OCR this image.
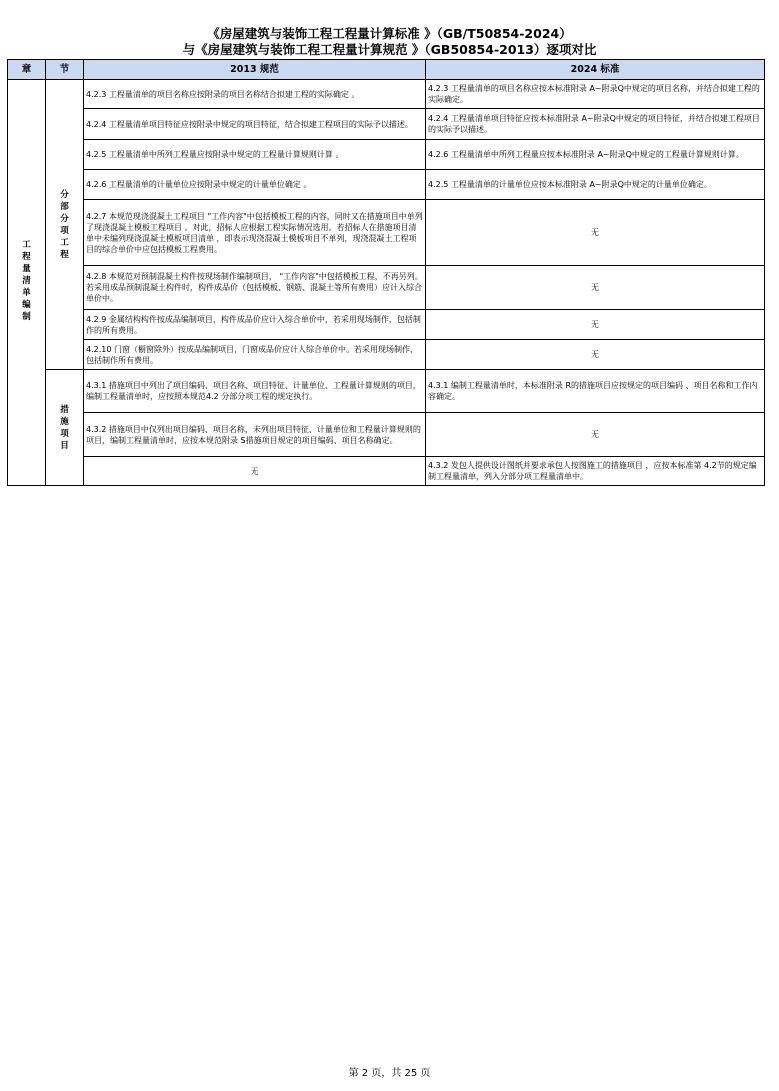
《房屋建筑与装饰工程工程量计算标准 》（GB/T50854-2024）
与《房屋建筑与装饰工程工程量计算规范 》（GB50854-2013）逐项对比
章	节	2013 规范	2024 标准

工程量清单编制	分部分项工程	4.2.3 工程量清单的项目名称应按附录的项目名称结合拟建工程的实际确定 。	4.2.3 工程量清单的项目名称应按本标准附录 A~附录Q中规定的项目名称，并结合拟建工程的实际确定。
		4.2.4 工程量清单项目特征应按附录中规定的项目特征，结合拟建工程项目的实际予以描述。	4.2.4 工程量清单项目特征应按本标准附录 A~附录Q中规定的项目特征，并结合拟建工程项目的实际予以描述。
		4.2.5 工程量清单中所列工程量应按附录中规定的工程量计算规则计算 。	4.2.6 工程量清单中所列工程量应按本标准附录 A~附录Q中规定的工程量计算规则计算。
		4.2.6 工程量清单的计量单位应按附录中规定的计量单位确定 。	4.2.5 工程量清单的计量单位应按本标准附录 A~附录Q中规定的计量单位确定。
		4.2.7 本规范现浇混凝土工程项目 "工作内容"中包括模板工程的内容，同时又在措施项目中单列了现浇混凝土模板工程项目 。对此，招标人应根据工程实际情况选用。若招标人在措施项目清单中未编列现浇混凝土模板项目清单 ，即表示现浇混凝土模板项目不单列，现浇混凝土工程项目的综合单价中应包括模板工程费用。	无
		4.2.8 本规范对预制混凝土构件按现场制作编制项目， "工作内容"中包括模板工程，不再另列。若采用成品预制混凝土构件时，构件成品价（包括模板、钢筋、混凝土等所有费用）应计入综合单价中。	无
		4.2.9 金属结构构件按成品编制项目，构件成品价应计入综合单价中，若采用现场制作，包括制作的所有费用。	无
		4.2.10 门窗（橱窗除外）按成品编制项目，门窗成品价应计人综合单价中。若采用现场制作，包括制作所有费用。	无

	措施项目	4.3.1 措施项目中列出了项目编码、项目名称、项目特征、计量单位、工程量计算规则的项目，编制工程量清单时，应按照本规范4.2 分部分项工程的规定执行。	4.3.1 编制工程量清单时，本标准附录 R的措施项目应按规定的项目编码 、项目名称和工作内容确定。
		4.3.2 措施项目中仅列出项目编码、项目名称，未列出项目特征、计量单位和工程量计算规则的项目，编制工程量清单时，应按本规范附录 S措施项目规定的项目编码、项目名称确定。	无
		无	4.3.2 发包人提供设计图纸并要求承包人按图施工的措施项目 ，应按本标准第 4.2节的规定编制工程量清单，列入分部分项工程量清单中。
第 2 页，共 25 页
